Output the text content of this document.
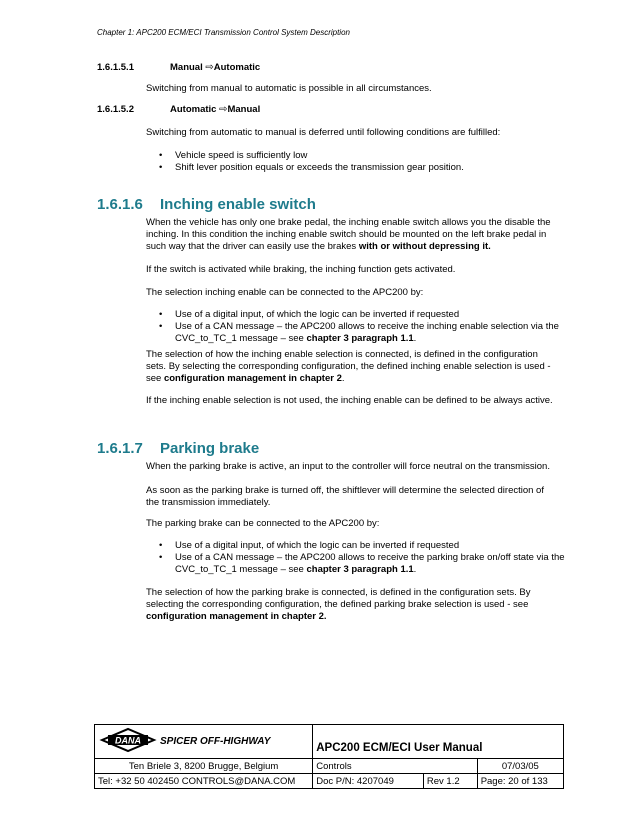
Chapter 1: APC200 ECM/ECI Transmission Control System Description
1.6.1.5.1	Manual ⇨Automatic
Switching from manual to automatic is possible in all circumstances.
1.6.1.5.2	Automatic ⇨Manual
Switching from automatic to manual is deferred until following conditions are fulfilled:
• Vehicle speed is sufficiently low
• Shift lever position equals or exceeds the transmission gear position.
1.6.1.6 Inching enable switch
When the vehicle has only one brake pedal, the inching enable switch allows you the disable the inching. In this condition the inching enable switch should be mounted on the left brake pedal in such way that the driver can easily use the brakes with or without depressing it.
If the switch is activated while braking, the inching function gets activated.
The selection inching enable can be connected to the APC200 by:
• Use of a digital input, of which the logic can be inverted if requested
• Use of a CAN message – the APC200 allows to receive the inching enable selection via the CVC_to_TC_1 message – see chapter 3 paragraph 1.1.
The selection of how the inching enable selection is connected, is defined in the configuration sets. By selecting the corresponding configuration, the defined inching enable selection is used - see configuration management in chapter 2.
If the inching enable selection is not used, the inching enable can be defined to be always active.
1.6.1.7 Parking brake
When the parking brake is active, an input to the controller will force neutral on the transmission.
As soon as the parking brake is turned off, the shiftlever will determine the selected direction of the transmission immediately.
The parking brake can be connected to the APC200 by:
• Use of a digital input, of which the logic can be inverted if requested
• Use of a CAN message – the APC200 allows to receive the parking brake on/off state via the CVC_to_TC_1 message – see chapter 3 paragraph 1.1.
The selection of how the parking brake is connected, is defined in the configuration sets. By selecting the corresponding configuration, the defined parking brake selection is used - see configuration management in chapter 2.
DANA SPICER OFF-HIGHWAY	APC200 ECM/ECI User Manual		
Ten Briele 3, 8200 Brugge, Belgium	Controls		07/03/05
Tel: +32 50 402450 CONTROLS@DANA.COM	Doc P/N: 4207049	Rev 1.2	Page: 20 of 133
